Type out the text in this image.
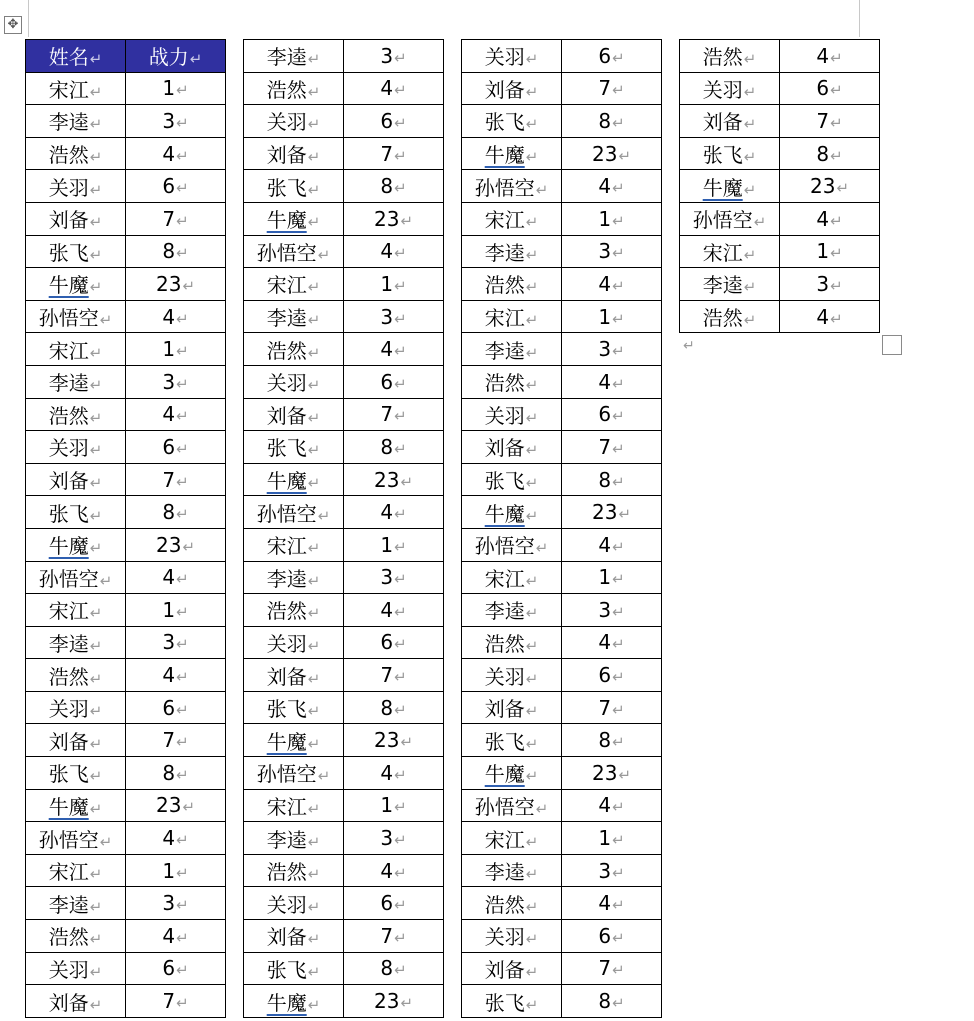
✥
姓名↵	战力↵
宋江↵	1↵
李逵↵	3↵
浩然↵	4↵
关羽↵	6↵
刘备↵	7↵
张飞↵	8↵
牛魔↵	23↵
孙悟空↵	4↵
宋江↵	1↵
李逵↵	3↵
浩然↵	4↵
关羽↵	6↵
刘备↵	7↵
张飞↵	8↵
牛魔↵	23↵
孙悟空↵	4↵
宋江↵	1↵
李逵↵	3↵
浩然↵	4↵
关羽↵	6↵
刘备↵	7↵
张飞↵	8↵
牛魔↵	23↵
孙悟空↵	4↵
宋江↵	1↵
李逵↵	3↵
浩然↵	4↵
关羽↵	6↵
刘备↵	7↵
李逵↵	3↵
浩然↵	4↵
关羽↵	6↵
刘备↵	7↵
张飞↵	8↵
牛魔↵	23↵
孙悟空↵	4↵
宋江↵	1↵
李逵↵	3↵
浩然↵	4↵
关羽↵	6↵
刘备↵	7↵
张飞↵	8↵
牛魔↵	23↵
孙悟空↵	4↵
宋江↵	1↵
李逵↵	3↵
浩然↵	4↵
关羽↵	6↵
刘备↵	7↵
张飞↵	8↵
牛魔↵	23↵
孙悟空↵	4↵
宋江↵	1↵
李逵↵	3↵
浩然↵	4↵
关羽↵	6↵
刘备↵	7↵
张飞↵	8↵
牛魔↵	23↵
关羽↵	6↵
刘备↵	7↵
张飞↵	8↵
牛魔↵	23↵
孙悟空↵	4↵
宋江↵	1↵
李逵↵	3↵
浩然↵	4↵
宋江↵	1↵
李逵↵	3↵
浩然↵	4↵
关羽↵	6↵
刘备↵	7↵
张飞↵	8↵
牛魔↵	23↵
孙悟空↵	4↵
宋江↵	1↵
李逵↵	3↵
浩然↵	4↵
关羽↵	6↵
刘备↵	7↵
张飞↵	8↵
牛魔↵	23↵
孙悟空↵	4↵
宋江↵	1↵
李逵↵	3↵
浩然↵	4↵
关羽↵	6↵
刘备↵	7↵
张飞↵	8↵
浩然↵	4↵
关羽↵	6↵
刘备↵	7↵
张飞↵	8↵
牛魔↵	23↵
孙悟空↵	4↵
宋江↵	1↵
李逵↵	3↵
浩然↵	4↵
↵
